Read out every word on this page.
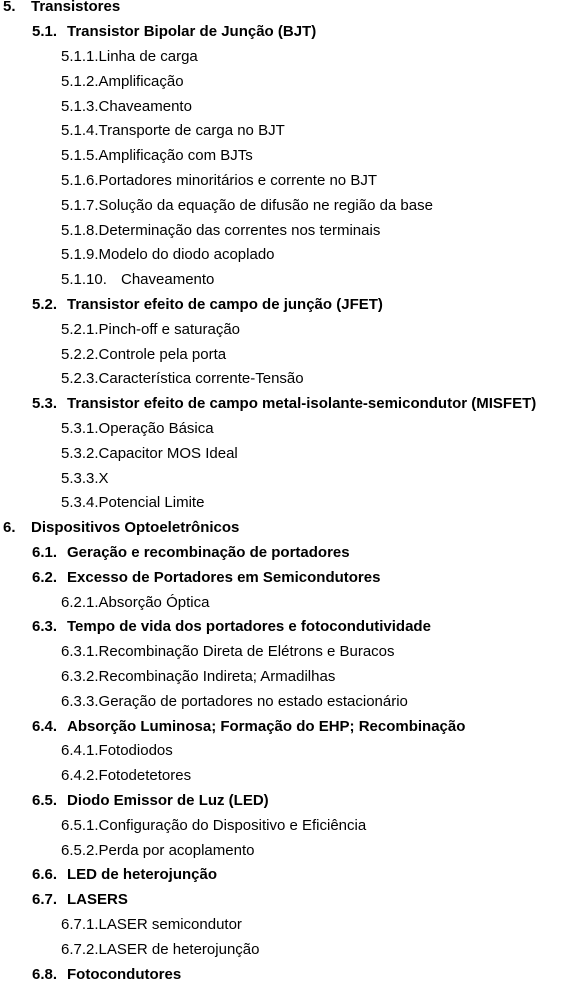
5.	Transistores
5.1. Transistor Bipolar de Junção (BJT)
5.1.1. Linha de carga
5.1.2. Amplificação
5.1.3. Chaveamento
5.1.4. Transporte de carga no BJT
5.1.5. Amplificação com BJTs
5.1.6. Portadores minoritários e corrente no BJT
5.1.7. Solução da equação de difusão ne região da base
5.1.8. Determinação das correntes nos terminais
5.1.9. Modelo do diodo acoplado
5.1.10. Chaveamento
5.2. Transistor efeito de campo de junção (JFET)
5.2.1. Pinch-off e saturação
5.2.2. Controle pela porta
5.2.3. Característica corrente-Tensão
5.3. Transistor efeito de campo metal-isolante-semicondutor (MISFET)
5.3.1. Operação Básica
5.3.2. Capacitor MOS Ideal
5.3.3. X
5.3.4. Potencial Limite
6.	Dispositivos Optoeletrônicos
6.1. Geração e recombinação de portadores
6.2. Excesso de Portadores em Semicondutores
6.2.1. Absorção Óptica
6.3. Tempo de vida dos portadores e fotocondutividade
6.3.1. Recombinação Direta de Elétrons e Buracos
6.3.2. Recombinação Indireta; Armadilhas
6.3.3. Geração de portadores no estado estacionário
6.4. Absorção Luminosa; Formação do EHP; Recombinação
6.4.1. Fotodiodos
6.4.2. Fotodetetores
6.5. Diodo Emissor de Luz (LED)
6.5.1. Configuração do Dispositivo e Eficiência
6.5.2. Perda por acoplamento
6.6. LED de heterojunção
6.7. LASERS
6.7.1. LASER semicondutor
6.7.2. LASER de heterojunção
6.8. Fotocondutores
